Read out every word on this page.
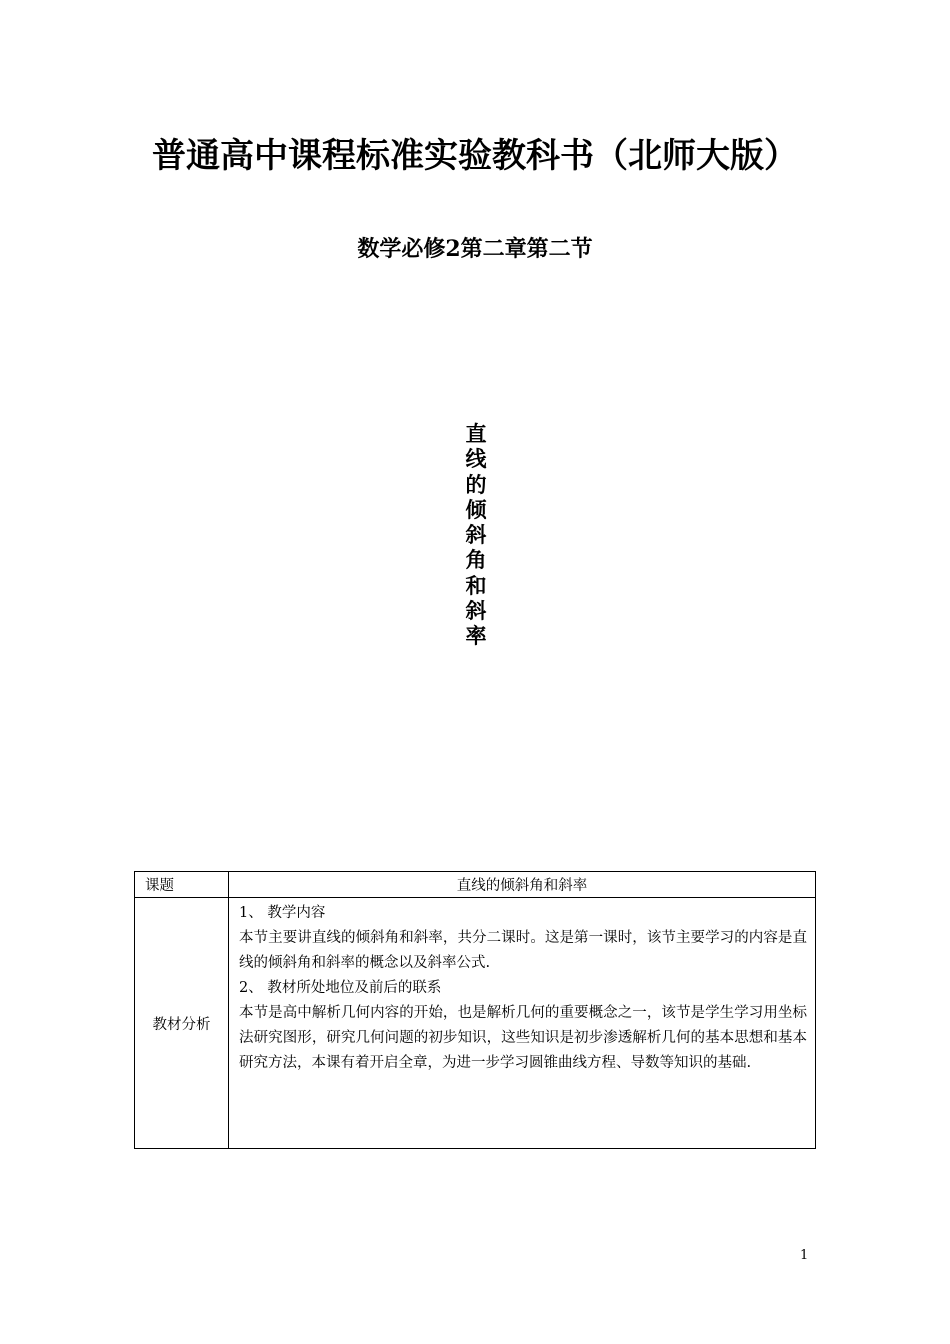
普通高中课程标准实验教科书（北师大版）
数学必修2第二章第二节
直线的倾斜角和斜率
课题	直线的倾斜角和斜率
教材分析	1、 教学内容

本节主要讲直线的倾斜角和斜率，共分二课时。这是第一课时，该节主要学习的内容是直线的倾斜角和斜率的概念以及斜率公式.

2、 教材所处地位及前后的联系

本节是高中解析几何内容的开始，也是解析几何的重要概念之一，该节是学生学习用坐标法研究图形，研究几何问题的初步知识，这些知识是初步渗透解析几何的基本思想和基本研究方法，本课有着开启全章，为进一步学习圆锥曲线方程、导数等知识的基础.

1
